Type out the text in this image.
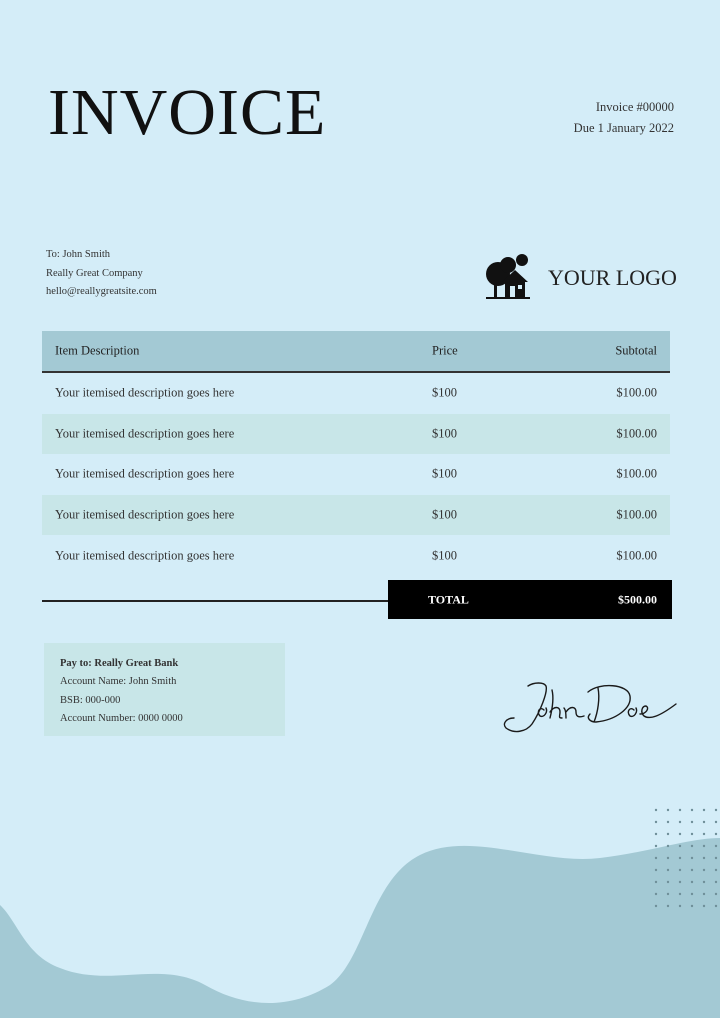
INVOICE	Invoice #00000
Due 1 January 2022
To: John Smith
Really Great Company
hello@reallygreatsite.com
YOUR LOGO
Item Description	Price	Subtotal
Your itemised description goes here	$100	$100.00
Your itemised description goes here	$100	$100.00
Your itemised description goes here	$100	$100.00
Your itemised description goes here	$100	$100.00
Your itemised description goes here	$100	$100.00
TOTAL	$500.00
Pay to: Really Great Bank
Account Name: John Smith
BSB: 000-000
Account Number: 0000 0000
